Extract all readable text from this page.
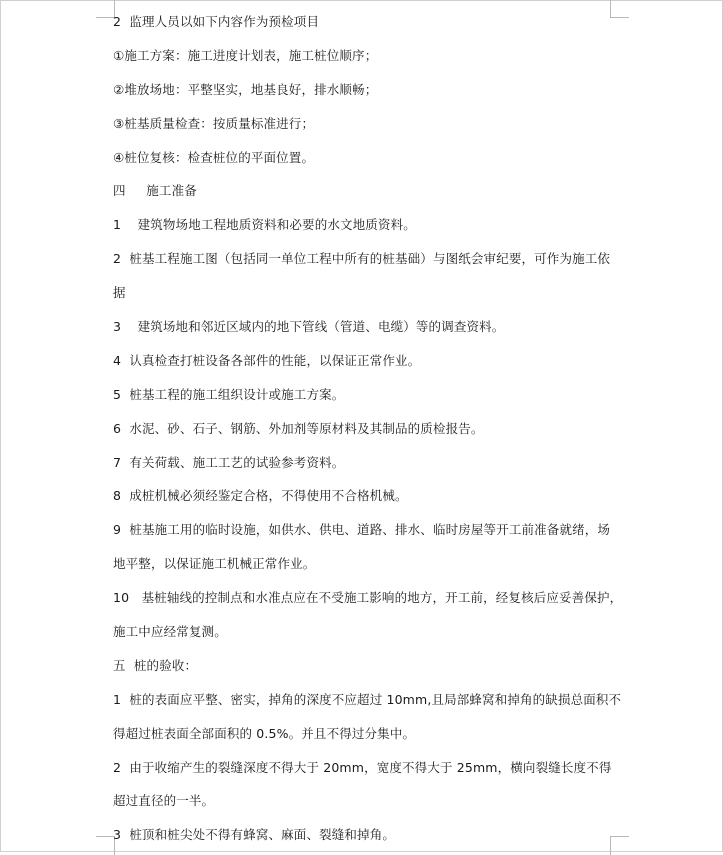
2  监理人员以如下内容作为预检项目
①施工方案：施工进度计划表，施工桩位顺序；
②堆放场地：平整坚实，地基良好，排水顺畅；
③桩基质量检查：按质量标准进行；
④桩位复核：检查桩位的平面位置。
四     施工准备
1    建筑物场地工程地质资料和必要的水文地质资料。
2  桩基工程施工图（包括同一单位工程中所有的桩基础）与图纸会审纪要，可作为施工依
据
3    建筑场地和邻近区域内的地下管线（管道、电缆）等的调查资料。
4  认真检查打桩设备各部件的性能，以保证正常作业。
5  桩基工程的施工组织设计或施工方案。
6  水泥、砂、石子、钢筋、外加剂等原材料及其制品的质检报告。
7  有关荷载、施工工艺的试验参考资料。
8  成桩机械必须经鉴定合格，不得使用不合格机械。
9  桩基施工用的临时设施，如供水、供电、道路、排水、临时房屋等开工前准备就绪，场
地平整，以保证施工机械正常作业。
10   基桩轴线的控制点和水准点应在不受施工影响的地方，开工前，经复核后应妥善保护，
施工中应经常复测。
五  桩的验收：
1  桩的表面应平整、密实，掉角的深度不应超过 10mm,且局部蜂窝和掉角的缺损总面积不
得超过桩表面全部面积的 0.5%。并且不得过分集中。
2  由于收缩产生的裂缝深度不得大于 20mm，宽度不得大于 25mm，横向裂缝长度不得
超过直径的一半。
3  桩顶和桩尖处不得有蜂窝、麻面、裂缝和掉角。
